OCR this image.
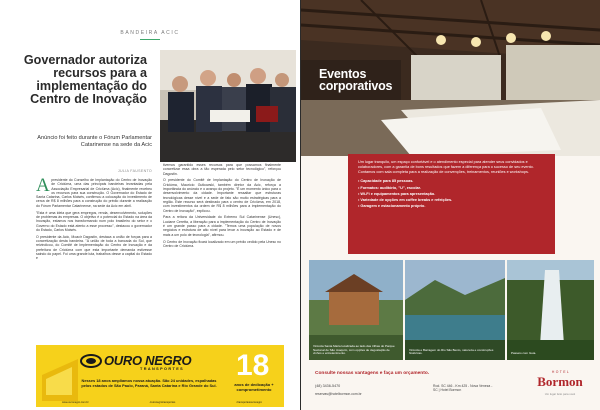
BANDEIRA ACIC
Governador autoriza recursos para a implementação do Centro de Inovação
Anúncio foi feito durante o Fórum Parlamentar Catarinense na sede da Acic
JULIA FAUSENTO

Apresidente do Conselho de Implantação do Centro de Inovação de Criciúma, uma das principais bandeiras levantadas pela Associação Empresarial de Criciúma (Acic), finalmente recebeu os recursos para sua construção. O Governador do Estado de Santa Catarina, Carlos Moisés, confirmou a colocação do investimento de cerca de R$ 8 milhões para a construção do prédio durante a realização do Fórum Parlamentar Catarinense, na sede da Acic em abril.

"Esta é uma ideia que gera empregos, renda, desenvolvimento, soluções de problemas às empresas. O objetivo é o potencial do Estado na área da Inovação, estamos nos transformando num polo brasileiro do setor e o Governo do Estado está atento a esse processo", destacou o governador do Estado, Carlos Moisés.

O presidente da Acic, Moacir Dagostin, destaca a união de forças para a concretização desta bandeira. "A união de toda a bancada do Sul, que reivindicou, do Comitê de Implementação do Centro de Inovação e da prefeitura de Criciúma com que esta importante demanda estivesse saindo do papel. Foi uma grande luta, trabalhos desse a capital do Estado e

tivemos garantido esses recursos para que possamos finalmente concretizar essa obra a tão esperada pelo setor tecnológico", reforçou Dagostin.

O presidente do Comitê de Implantação do Centro de Inovação de Criciúma, Maurício Gutkowski, também diretor da Acic, reforça a importância do anúncio e o avanço do projeto. "É um momento único para o desenvolvimento da cidade. Importante ressaltar que estruturas tecnológicas desse nível e a sede de fato são muito estratégicas para a região. Este recurso será destinado para o centro de Criciúma, em 2018, com investimentos da ordem de R$ 8 milhões para a implementação do Centro de Inovação", explicou.

Para a reitora da Universidade do Extremo Sul Catarinense (Unesc), Luciane Ceretta, a liberação para a implementação do Centro de Inovação é um grande passo para a cidade. "Temos uma população de novos negócios e estrutura de alto nível para levar a inovação ao Estado e de mais a um polo de tecnologia", afirmou.

O Centro de Inovação ficará localizado em um prédio cedido pela Unesc no Centro de Criciúma.

OURO NEGRO
TRANSPORTES
Nesses 18 anos ampliamos nossa atuação. São 24 unidades, espalhadas pelos estados de São Paulo, Paraná, Santa Catarina e Rio Grande do Sul.
18
anos de dedicação + comprometimento
www.ouronegro.com.br	/ouronegrotransportes	/transportesouronegro
Eventos
corporativos
Um lugar tranquilo, um espaço confortável e o atendimento especial para atender seus convidados e colaboradores, com a garantia de bons resultados que fazem a diferença para o sucesso de seu evento. Contamos com sala completa para a realização de convenções, treinamentos, reuniões e workshops.
• Capacidade para 85 pessoas.
• Formatos: auditório, "U", escolar.
• Wi-Fi e equipamentos para apresentação.
• Variedade de opções em coffee breaks e refeições.
• Garagem e estacionamento próprio.
Vinícola Santa Maria localizada ao lado das trilhas do Parque Nacional de São Joaquim, com opções de degustação de vinhos e entretenimento.
Vinícola e Barragem do Rio São Bento, natureza e construções históricas.	Passeio com Guia.
Consulte nossas vantagens e faça um orçamento.
(48) 3436-5470
reservas@hotelbormon.com.br
Rod. SC 446 - Km 425 - Nova Veneza - SC | Hotel Bormon
HOTEL
Bormon
Um lugar feito para você
